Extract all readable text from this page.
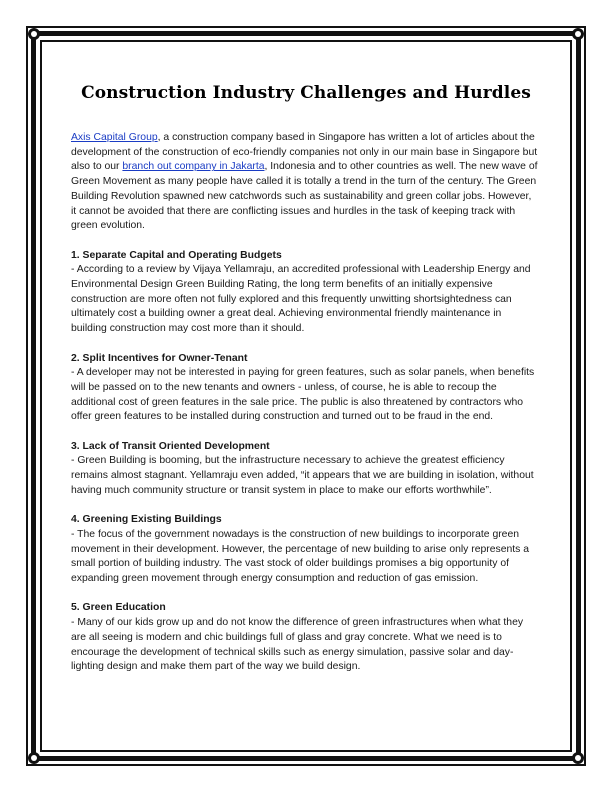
Construction Industry Challenges and Hurdles

Axis Capital Group, a construction company based in Singapore has written a lot of articles about the development of the construction of eco-friendly companies not only in our main base in Singapore but also to our branch out company in Jakarta, Indonesia and to other countries as well. The new wave of Green Movement as many people have called it is totally a trend in the turn of the century. The Green Building Revolution spawned new catchwords such as sustainability and green collar jobs. However, it cannot be avoided that there are conflicting issues and hurdles in the task of keeping track with green evolution.

1. Separate Capital and Operating Budgets
- According to a review by Vijaya Yellamraju, an accredited professional with Leadership Energy and Environmental Design Green Building Rating, the long term benefits of an initially expensive construction are more often not fully explored and this frequently unwitting shortsightedness can ultimately cost a building owner a great deal. Achieving environmental friendly maintenance in building construction may cost more than it should.

2. Split Incentives for Owner-Tenant
- A developer may not be interested in paying for green features, such as solar panels, when benefits will be passed on to the new tenants and owners - unless, of course, he is able to recoup the additional cost of green features in the sale price. The public is also threatened by contractors who offer green features to be installed during construction and turned out to be fraud in the end.

3. Lack of Transit Oriented Development
- Green Building is booming, but the infrastructure necessary to achieve the greatest efficiency remains almost stagnant. Yellamraju even added, “it appears that we are building in isolation, without having much community structure or transit system in place to make our efforts worthwhile”.

4. Greening Existing Buildings
- The focus of the government nowadays is the construction of new buildings to incorporate green movement in their development. However, the percentage of new building to arise only represents a small portion of building industry. The vast stock of older buildings promises a big opportunity of expanding green movement through energy consumption and reduction of gas emission.

5. Green Education
- Many of our kids grow up and do not know the difference of green infrastructures when what they are all seeing is modern and chic buildings full of glass and gray concrete. What we need is to encourage the development of technical skills such as energy simulation, passive solar and day-lighting design and make them part of the way we build design.
